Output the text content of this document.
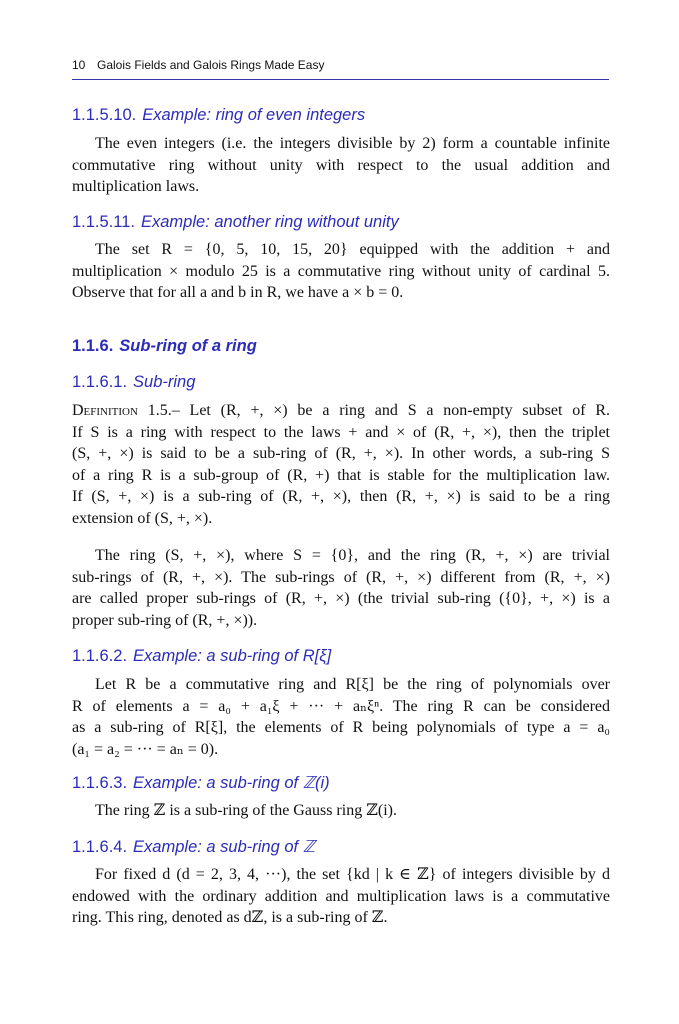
10 Galois Fields and Galois Rings Made Easy
1.1.5.10. Example: ring of even integers
The even integers (i.e. the integers divisible by 2) form a countable infinite
commutative ring without unity with respect to the usual addition and
multiplication laws.
1.1.5.11. Example: another ring without unity
The set R = {0, 5, 10, 15, 20} equipped with the addition + and
multiplication × modulo 25 is a commutative ring without unity of cardinal 5.
Observe that for all a and b in R, we have a × b = 0.
1.1.6. Sub-ring of a ring
1.1.6.1. Sub-ring
Definition 1.5.– Let (R, +, ×) be a ring and S a non-empty subset of R.
If S is a ring with respect to the laws + and × of (R, +, ×), then the triplet
(S, +, ×) is said to be a sub-ring of (R, +, ×). In other words, a sub-ring S
of a ring R is a sub-group of (R, +) that is stable for the multiplication law.
If (S, +, ×) is a sub-ring of (R, +, ×), then (R, +, ×) is said to be a ring
extension of (S, +, ×).
The ring (S, +, ×), where S = {0}, and the ring (R, +, ×) are trivial
sub-rings of (R, +, ×). The sub-rings of (R, +, ×) different from (R, +, ×)
are called proper sub-rings of (R, +, ×) (the trivial sub-ring ({0}, +, ×) is a
proper sub-ring of (R, +, ×)).
1.1.6.2. Example: a sub-ring of R[ξ]
Let R be a commutative ring and R[ξ] be the ring of polynomials over
R of elements a = a₀ + a₁ξ + ··· + aₙξⁿ. The ring R can be considered
as a sub-ring of R[ξ], the elements of R being polynomials of type a = a₀
(a₁ = a₂ = ··· = aₙ = 0).
1.1.6.3. Example: a sub-ring of ℤ(i)
The ring ℤ is a sub-ring of the Gauss ring ℤ(i).
1.1.6.4. Example: a sub-ring of ℤ
For fixed d (d = 2, 3, 4, ···), the set {kd | k ∈ ℤ} of integers divisible by d
endowed with the ordinary addition and multiplication laws is a commutative
ring. This ring, denoted as dℤ, is a sub-ring of ℤ.
